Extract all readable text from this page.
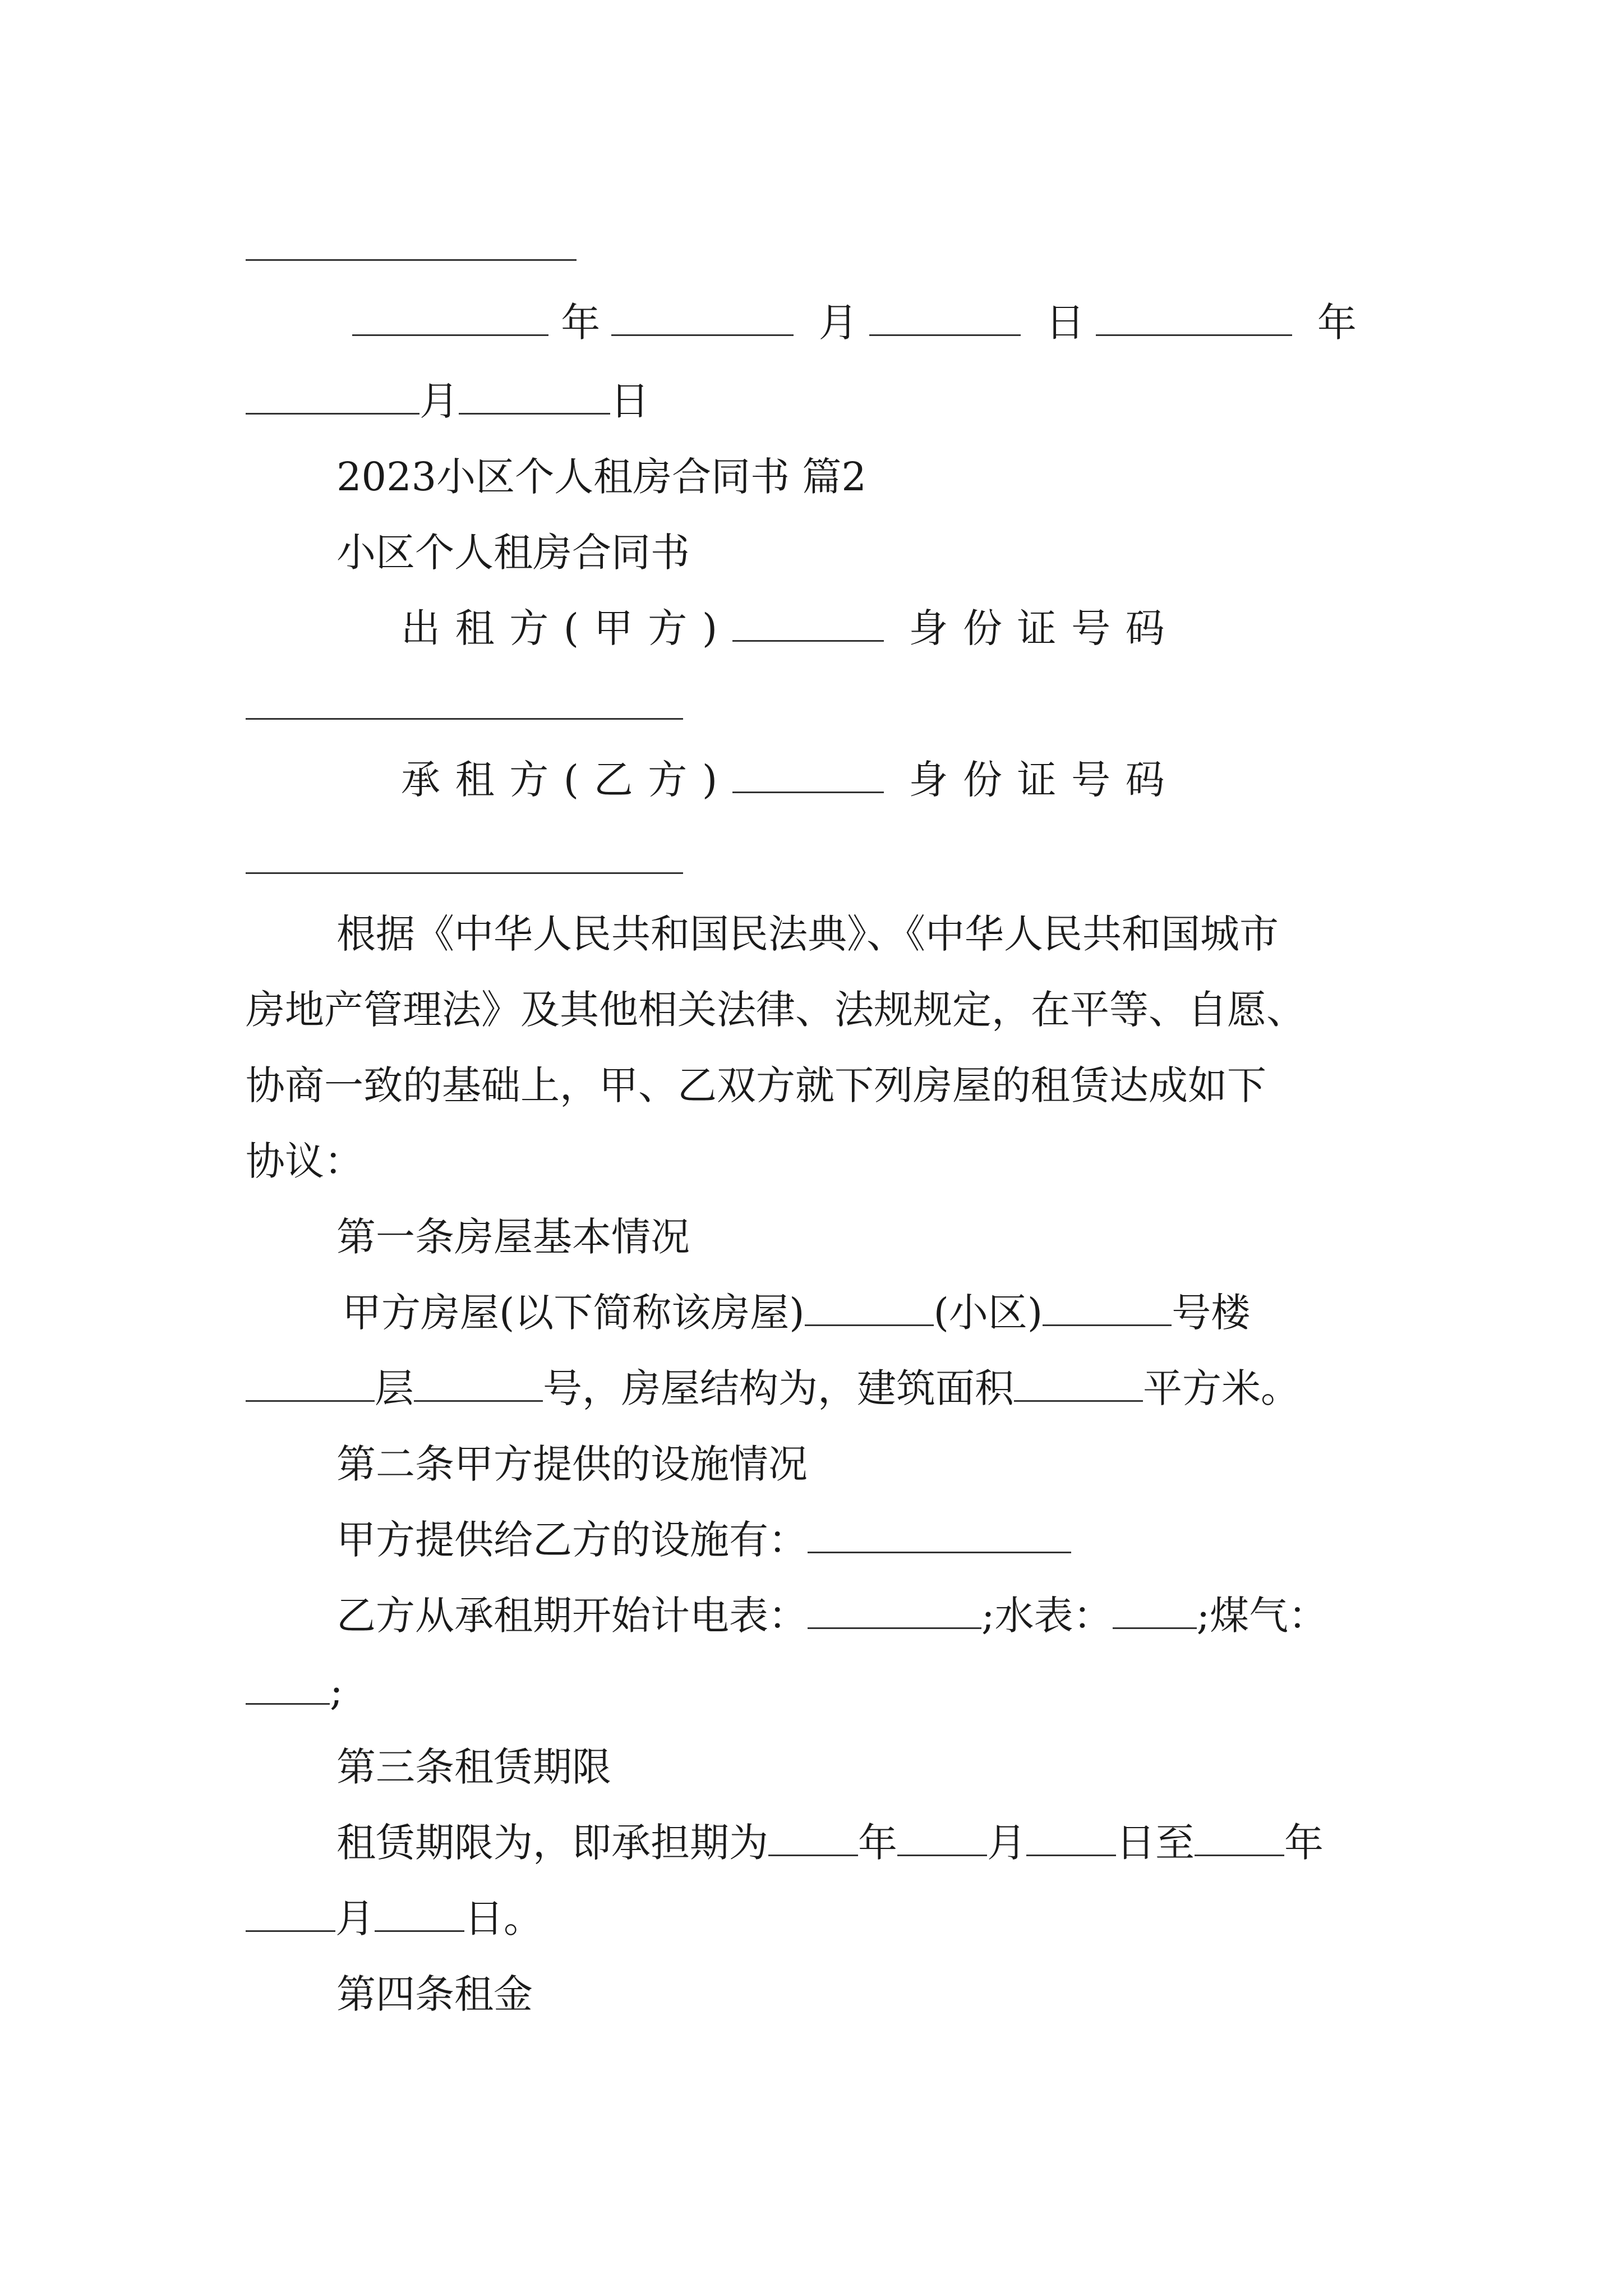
年	月	日	年
月	日
2023小区个人租房合同书 篇2
小区个人租房合同书
出租方(甲方)	身份证号码
承租方(乙方)	身份证号码
根据《中华人民共和国民法典》、《中华人民共和国城市
房地产管理法》及其他相关法律、法规规定，在平等、自愿、
协商一致的基础上，甲、乙双方就下列房屋的租赁达成如下
协议：
第一条房屋基本情况
甲方房屋(以下简称该房屋)	(小区)	号楼
层	号，房屋结构为，建筑面积	平方米。
第二条甲方提供的设施情况
甲方提供给乙方的设施有：
乙方从承租期开始计电表：	;水表： ;煤气：
;
第三条租赁期限
租赁期限为，即承担期为 年 月 日至 年
月 日。
第四条租金
